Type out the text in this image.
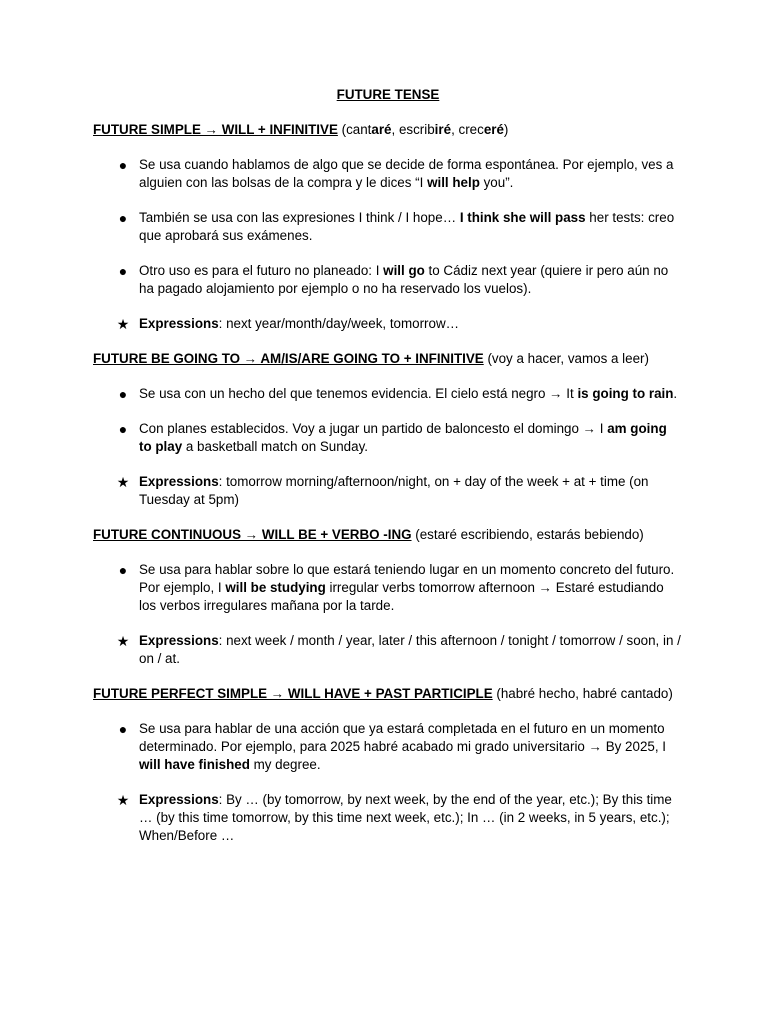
FUTURE TENSE
FUTURE SIMPLE → WILL + INFINITIVE (cantaré, escribiré, creceré)
● Se usa cuando hablamos de algo que se decide de forma espontánea. Por ejemplo, ves a alguien con las bolsas de la compra y le dices “I will help you”.
● También se usa con las expresiones I think / I hope… I think she will pass her tests: creo que aprobará sus exámenes.
● Otro uso es para el futuro no planeado: I will go to Cádiz next year (quiere ir pero aún no ha pagado alojamiento por ejemplo o no ha reservado los vuelos).
★ Expressions: next year/month/day/week, tomorrow…
FUTURE BE GOING TO → AM/IS/ARE GOING TO + INFINITIVE (voy a hacer, vamos a leer)
● Se usa con un hecho del que tenemos evidencia. El cielo está negro → It is going to rain.
● Con planes establecidos. Voy a jugar un partido de baloncesto el domingo → I am going to play a basketball match on Sunday.
★ Expressions: tomorrow morning/afternoon/night, on + day of the week + at + time (on Tuesday at 5pm)
FUTURE CONTINUOUS → WILL BE + VERBO -ING (estaré escribiendo, estarás bebiendo)
● Se usa para hablar sobre lo que estará teniendo lugar en un momento concreto del futuro. Por ejemplo, I will be studying irregular verbs tomorrow afternoon → Estaré estudiando los verbos irregulares mañana por la tarde.
★ Expressions: next week / month / year, later / this afternoon / tonight / tomorrow / soon, in / on / at.
FUTURE PERFECT SIMPLE → WILL HAVE + PAST PARTICIPLE (habré hecho, habré cantado)
● Se usa para hablar de una acción que ya estará completada en el futuro en un momento determinado. Por ejemplo, para 2025 habré acabado mi grado universitario → By 2025, I will have finished my degree.
★ Expressions: By … (by tomorrow, by next week, by the end of the year, etc.); By this time … (by this time tomorrow, by this time next week, etc.); In … (in 2 weeks, in 5 years, etc.); When/Before …
